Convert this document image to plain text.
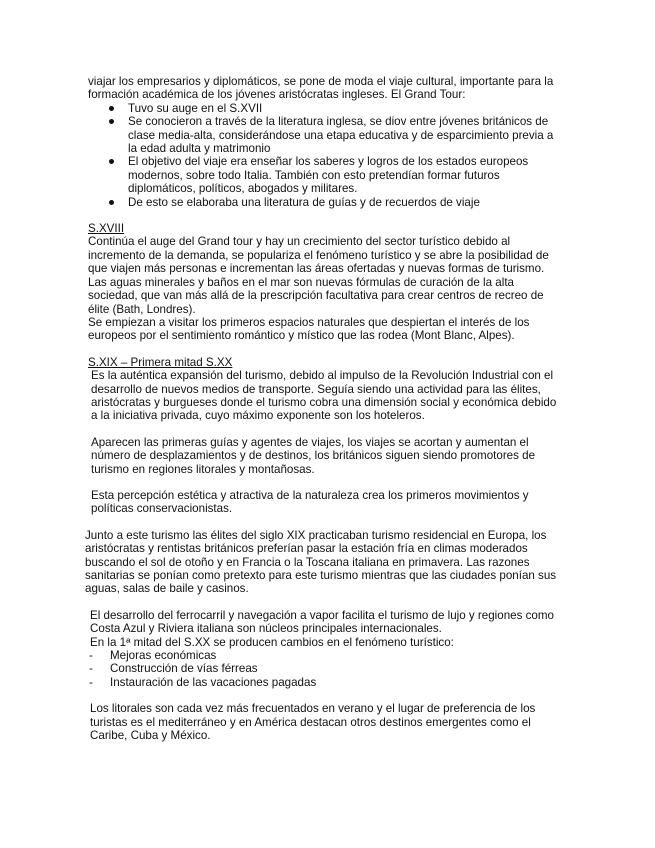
viajar los empresarios y diplomáticos, se pone de moda el viaje cultural, importante para la formación académica de los jóvenes aristócratas ingleses. El Grand Tour:

Tuvo su auge en el S.XVII
Se conocieron a través de la literatura inglesa, se diov entre jóvenes británicos de clase media-alta, considerándose una etapa educativa y de esparcimiento previa a la edad adulta y matrimonio
El objetivo del viaje era enseñar los saberes y logros de los estados europeos modernos, sobre todo Italia. También con esto pretendían formar futuros diplomáticos, políticos, abogados y militares.
De esto se elaboraba una literatura de guías y de recuerdos de viaje

S.XVIII

Continúa el auge del Grand tour y hay un crecimiento del sector turístico debido al incremento de la demanda, se populariza el fenómeno turístico y se abre la posibilidad de que viajen más personas e incrementan las áreas ofertadas y nuevas formas de turismo. Las aguas minerales y baños en el mar son nuevas fórmulas de curación de la alta sociedad, que van más allá de la prescripción facultativa para crear centros de recreo de élite (Bath, Londres).

Se empiezan a visitar los primeros espacios naturales que despiertan el interés de los europeos por el sentimiento romántico y místico que las rodea (Mont Blanc, Alpes).

S.XIX – Primera mitad S.XX

Es la auténtica expansión del turismo, debido al impulso de la Revolución Industrial con el desarrollo de nuevos medios de transporte. Seguía siendo una actividad para las élites, aristócratas y burgueses donde el turismo cobra una dimensión social y económica debido a la iniciativa privada, cuyo máximo exponente son los hoteleros.

Aparecen las primeras guías y agentes de viajes, los viajes se acortan y aumentan el número de desplazamientos y de destinos, los británicos siguen siendo promotores de turismo en regiones litorales y montañosas.

Esta percepción estética y atractiva de la naturaleza crea los primeros movimientos y políticas conservacionistas.

Junto a este turismo las élites del siglo XIX practicaban turismo residencial en Europa, los aristócratas y rentistas británicos preferían pasar la estación fría en climas moderados buscando el sol de otoño y en Francia o la Toscana italiana en primavera. Las razones sanitarias se ponían como pretexto para este turismo mientras que las ciudades ponían sus aguas, salas de baile y casinos.

El desarrollo del ferrocarril y navegación a vapor facilita el turismo de lujo y regiones como Costa Azul y Riviera italiana son núcleos principales internacionales.

En la 1ª mitad del S.XX se producen cambios en el fenómeno turístico:

- Mejoras económicas
- Construcción de vías férreas
- Instauración de las vacaciones pagadas

Los litorales son cada vez más frecuentados en verano y el lugar de preferencia de los turistas es el mediterráneo y en América destacan otros destinos emergentes como el Caribe, Cuba y México.
